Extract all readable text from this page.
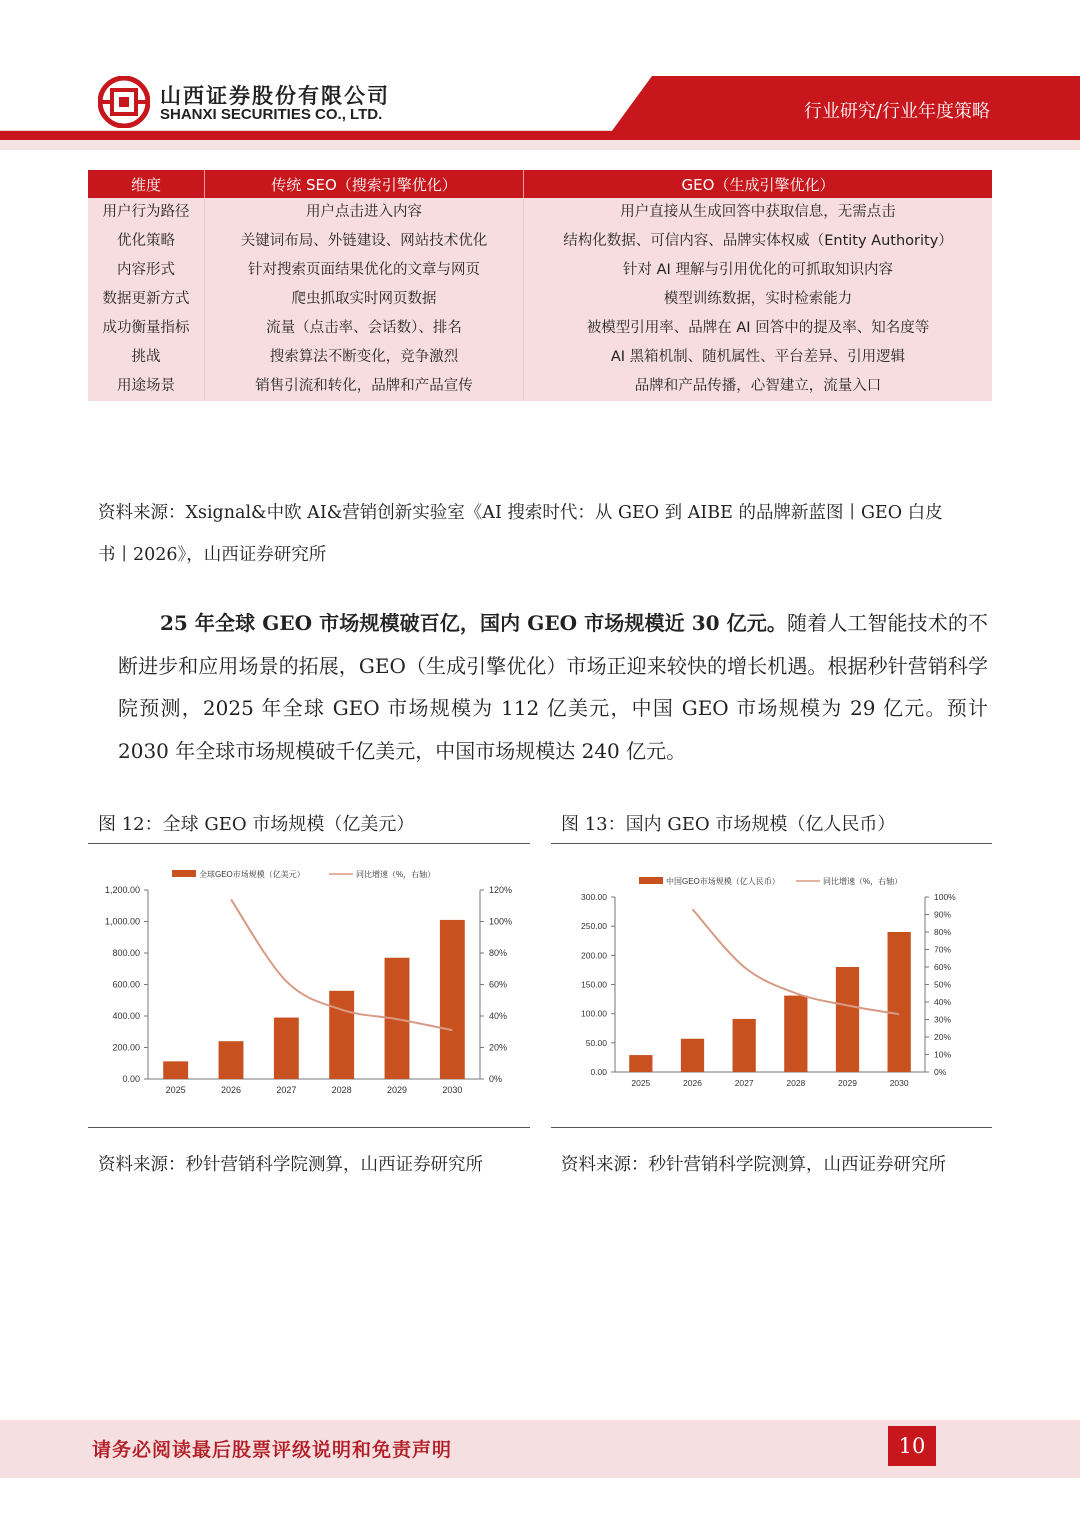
山西证券股份有限公司
SHANXI SECURITIES CO., LTD.	行业研究/行业年度策略
维度	传统 SEO（搜索引擎优化）	GEO（生成引擎优化）
用户行为路径	用户点击进入内容	用户直接从生成回答中获取信息，无需点击
优化策略	关键词布局、外链建设、网站技术优化	结构化数据、可信内容、品牌实体权威（Entity Authority）
内容形式	针对搜索页面结果优化的文章与网页	针对 AI 理解与引用优化的可抓取知识内容
数据更新方式	爬虫抓取实时网页数据	模型训练数据，实时检索能力
成功衡量指标	流量（点击率、会话数）、排名	被模型引用率、品牌在 AI 回答中的提及率、知名度等
挑战	搜索算法不断变化，竞争激烈	AI 黑箱机制、随机属性、平台差异、引用逻辑
用途场景	销售引流和转化，品牌和产品宣传	品牌和产品传播，心智建立，流量入口
资料来源：Xsignal&中欧 AI&营销创新实验室《AI 搜索时代：从 GEO 到 AIBE 的品牌新蓝图丨GEO 白皮
书丨2026》，山西证券研究所
25 年全球 GEO 市场规模破百亿，国内 GEO 市场规模近 30 亿元。随着人工智能技术的不断进步和应用场景的拓展，GEO（生成引擎优化）市场正迎来较快的增长机遇。根据秒针营销科学院预测，2025 年全球 GEO 市场规模为 112 亿美元，中国 GEO 市场规模为 29 亿元。预计 2030 年全球市场规模破千亿美元，中国市场规模达 240 亿元。
图 12：全球 GEO 市场规模（亿美元）	图 13：国内 GEO 市场规模（亿人民币）
全球GEO市场规模（亿美元）	同比增速（%，右轴）
1,200.00
1,000.00
800.00
600.00
400.00
200.00
0.00
120%
100%
80%
60%
40%
20%
0%
2025	2026	2027	2028	2029	2030
中国GEO市场规模（亿人民币）	同比增速（%，右轴）
300.00
250.00
200.00
150.00
100.00
50.00
0.00
100%
90%
80%
70%
60%
50%
40%
30%
20%
10%
0%
2025	2026	2027	2028	2029	2030
资料来源：秒针营销科学院测算，山西证券研究所	资料来源：秒针营销科学院测算，山西证券研究所
请务必阅读最后股票评级说明和免责声明	10
